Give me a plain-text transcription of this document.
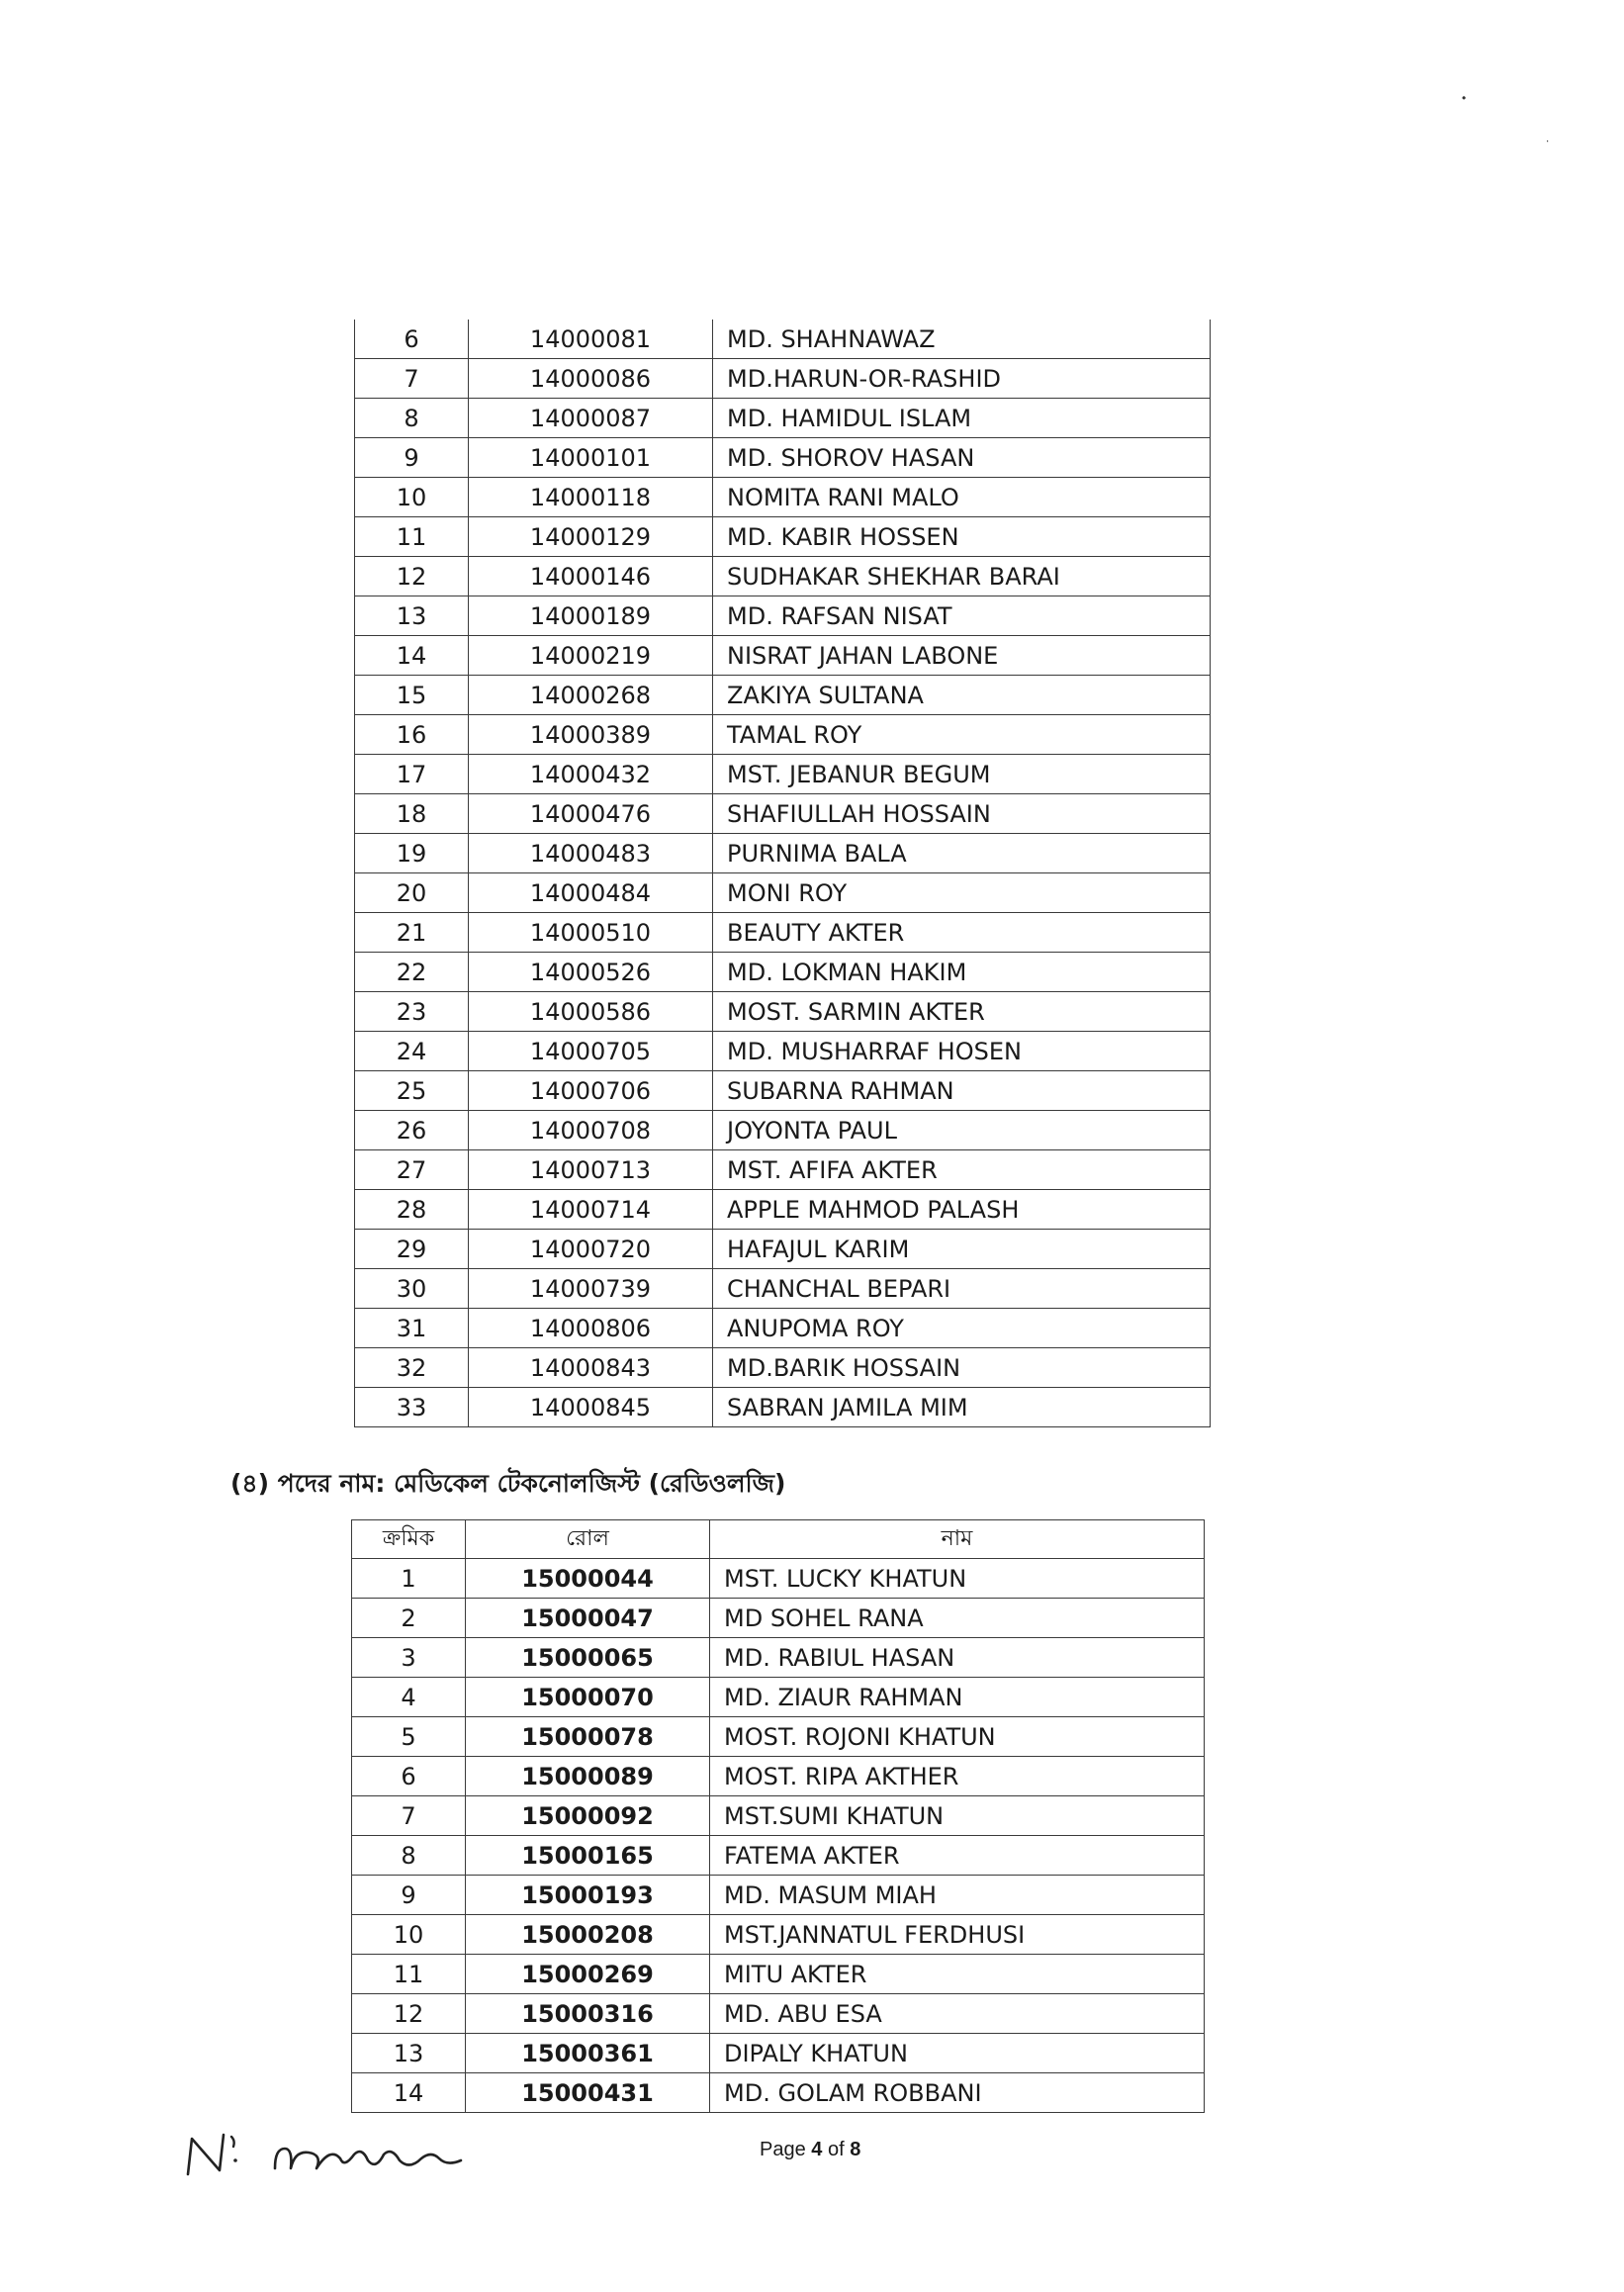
•
∙
6	14000081	MD. SHAHNAWAZ
7	14000086	MD.HARUN-OR-RASHID
8	14000087	MD. HAMIDUL ISLAM
9	14000101	MD. SHOROV HASAN
10	14000118	NOMITA RANI MALO
11	14000129	MD. KABIR HOSSEN
12	14000146	SUDHAKAR SHEKHAR BARAI
13	14000189	MD. RAFSAN NISAT
14	14000219	NISRAT JAHAN LABONE
15	14000268	ZAKIYA SULTANA
16	14000389	TAMAL ROY
17	14000432	MST. JEBANUR BEGUM
18	14000476	SHAFIULLAH HOSSAIN
19	14000483	PURNIMA BALA
20	14000484	MONI ROY
21	14000510	BEAUTY AKTER
22	14000526	MD. LOKMAN HAKIM
23	14000586	MOST. SARMIN AKTER
24	14000705	MD. MUSHARRAF HOSEN
25	14000706	SUBARNA RAHMAN
26	14000708	JOYONTA PAUL
27	14000713	MST. AFIFA AKTER
28	14000714	APPLE MAHMOD PALASH
29	14000720	HAFAJUL KARIM
30	14000739	CHANCHAL BEPARI
31	14000806	ANUPOMA ROY
32	14000843	MD.BARIK HOSSAIN
33	14000845	SABRAN JAMILA MIM
(৪) পদের নাম: মেডিকেল টেকনোলজিস্ট (রেডিওলজি)
ক্রমিক	রোল	নাম
1	15000044	MST. LUCKY KHATUN
2	15000047	MD SOHEL RANA
3	15000065	MD. RABIUL HASAN
4	15000070	MD. ZIAUR RAHMAN
5	15000078	MOST. ROJONI KHATUN
6	15000089	MOST. RIPA AKTHER
7	15000092	MST.SUMI KHATUN
8	15000165	FATEMA AKTER
9	15000193	MD. MASUM MIAH
10	15000208	MST.JANNATUL FERDHUSI
11	15000269	MITU AKTER
12	15000316	MD. ABU ESA
13	15000361	DIPALY KHATUN
14	15000431	MD. GOLAM ROBBANI
Page 4 of 8
